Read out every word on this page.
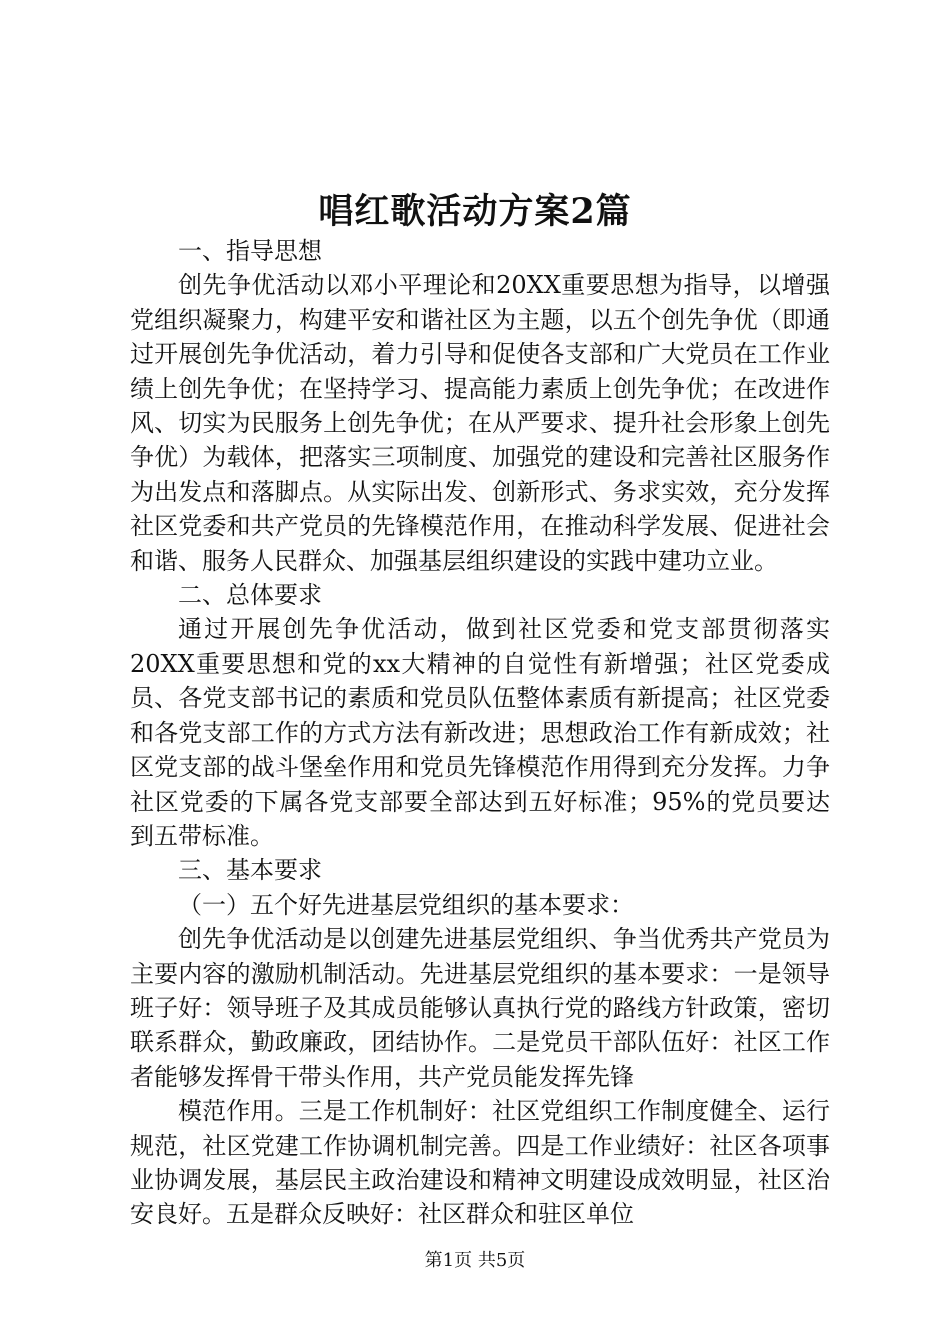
唱红歌活动方案2篇

一、指导思想

创先争优活动以邓小平理论和20XX重要思想为指导，以增强党组织凝聚力，构建平安和谐社区为主题，以五个创先争优（即通过开展创先争优活动，着力引导和促使各支部和广大党员在工作业绩上创先争优；在坚持学习、提高能力素质上创先争优；在改进作风、切实为民服务上创先争优；在从严要求、提升社会形象上创先争优）为载体，把落实三项制度、加强党的建设和完善社区服务作为出发点和落脚点。从实际出发、创新形式、务求实效，充分发挥社区党委和共产党员的先锋模范作用，在推动科学发展、促进社会和谐、服务人民群众、加强基层组织建设的实践中建功立业。

二、总体要求

通过开展创先争优活动，做到社区党委和党支部贯彻落实20XX重要思想和党的xx大精神的自觉性有新增强；社区党委成员、各党支部书记的素质和党员队伍整体素质有新提高；社区党委和各党支部工作的方式方法有新改进；思想政治工作有新成效；社区党支部的战斗堡垒作用和党员先锋模范作用得到充分发挥。力争社区党委的下属各党支部要全部达到五好标准；95%的党员要达到五带标准。

三、基本要求

（一）五个好先进基层党组织的基本要求：

创先争优活动是以创建先进基层党组织、争当优秀共产党员为主要内容的激励机制活动。先进基层党组织的基本要求：一是领导班子好：领导班子及其成员能够认真执行党的路线方针政策，密切联系群众，勤政廉政，团结协作。二是党员干部队伍好：社区工作者能够发挥骨干带头作用，共产党员能发挥先锋

模范作用。三是工作机制好：社区党组织工作制度健全、运行规范，社区党建工作协调机制完善。四是工作业绩好：社区各项事业协调发展，基层民主政治建设和精神文明建设成效明显，社区治安良好。五是群众反映好：社区群众和驻区单位

第1页 共5页
